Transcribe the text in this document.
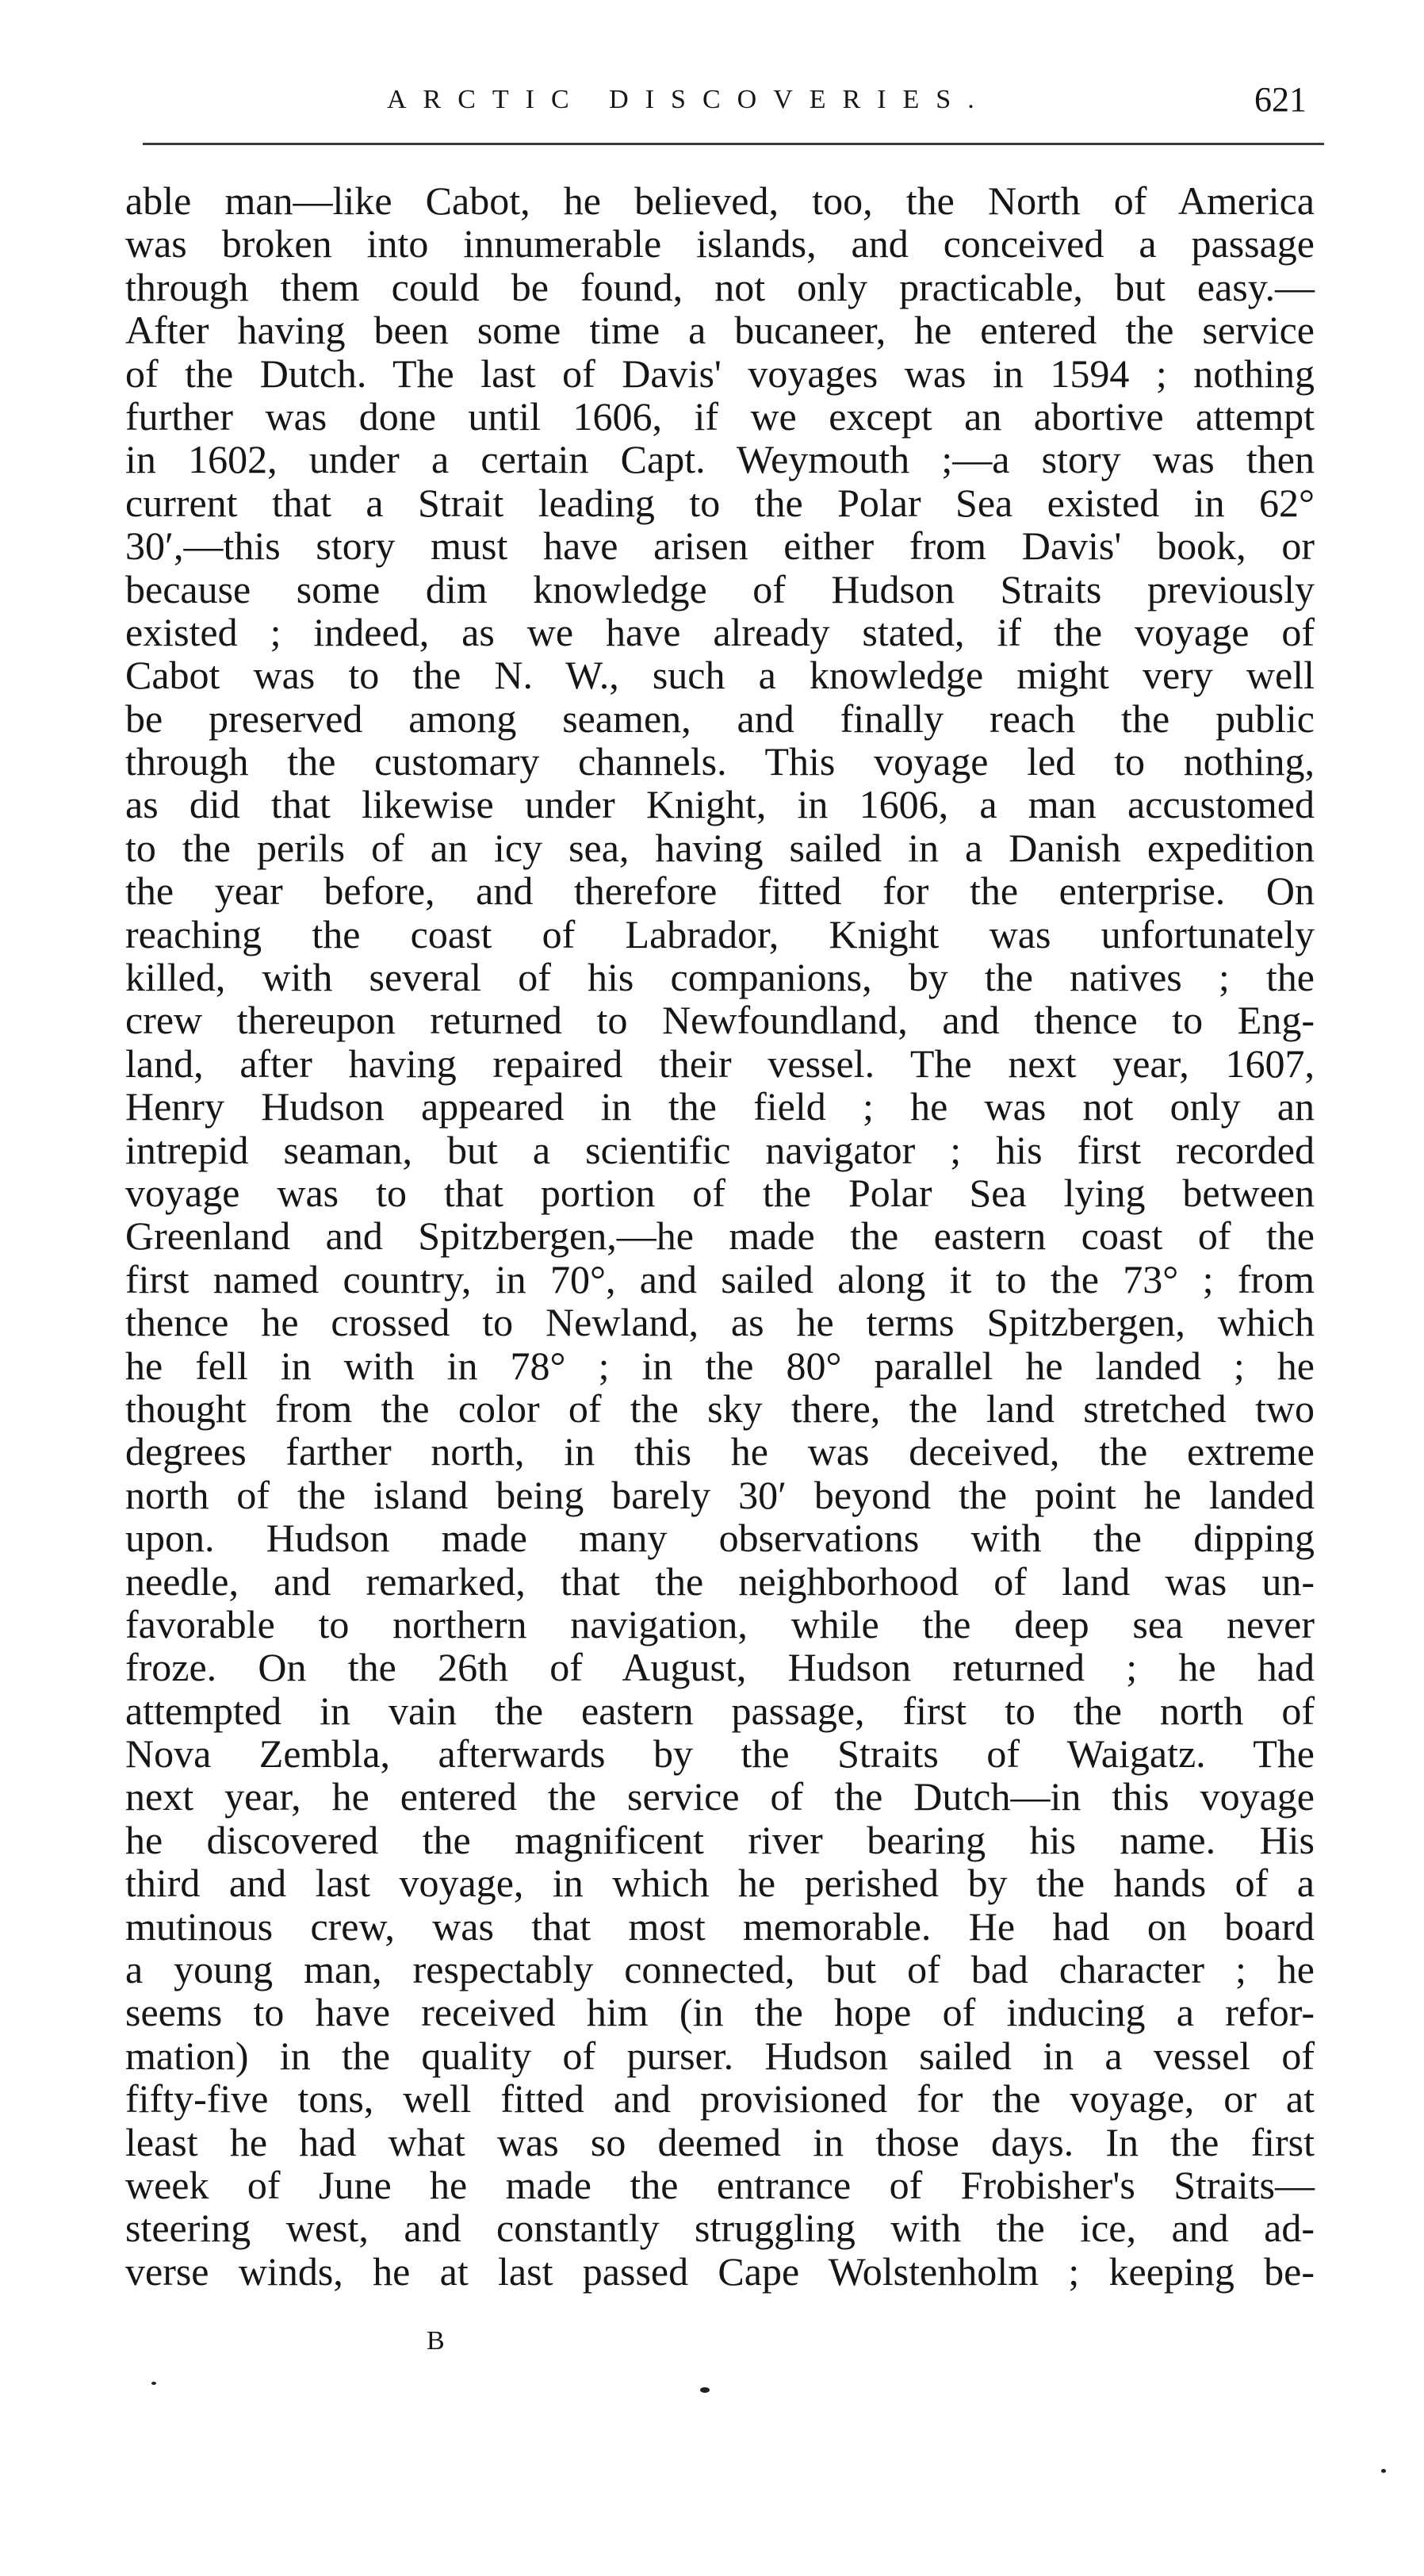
ARCTIC DISCOVERIES.	621
able man—like Cabot, he believed, too, the North of America
was broken into innumerable islands, and conceived a passage
through them could be found, not only practicable, but easy.—
After having been some time a bucaneer, he entered the service
of the Dutch. The last of Davis' voyages was in 1594 ; nothing
further was done until 1606, if we except an abortive attempt
in 1602, under a certain Capt. Weymouth ;—a story was then
current that a Strait leading to the Polar Sea existed in 62°
30′,—this story must have arisen either from Davis' book, or
because some dim knowledge of Hudson Straits previously
existed ; indeed, as we have already stated, if the voyage of
Cabot was to the N. W., such a knowledge might very well
be preserved among seamen, and finally reach the public
through the customary channels. This voyage led to nothing,
as did that likewise under Knight, in 1606, a man accustomed
to the perils of an icy sea, having sailed in a Danish expedition
the year before, and therefore fitted for the enterprise. On
reaching the coast of Labrador, Knight was unfortunately
killed, with several of his companions, by the natives ; the
crew thereupon returned to Newfoundland, and thence to Eng-
land, after having repaired their vessel. The next year, 1607,
Henry Hudson appeared in the field ; he was not only an
intrepid seaman, but a scientific navigator ; his first recorded
voyage was to that portion of the Polar Sea lying between
Greenland and Spitzbergen,—he made the eastern coast of the
first named country, in 70°, and sailed along it to the 73° ; from
thence he crossed to Newland, as he terms Spitzbergen, which
he fell in with in 78° ; in the 80° parallel he landed ; he
thought from the color of the sky there, the land stretched two
degrees farther north, in this he was deceived, the extreme
north of the island being barely 30′ beyond the point he landed
upon. Hudson made many observations with the dipping
needle, and remarked, that the neighborhood of land was un-
favorable to northern navigation, while the deep sea never
froze. On the 26th of August, Hudson returned ; he had
attempted in vain the eastern passage, first to the north of
Nova Zembla, afterwards by the Straits of Waigatz. The
next year, he entered the service of the Dutch—in this voyage
he discovered the magnificent river bearing his name. His
third and last voyage, in which he perished by the hands of a
mutinous crew, was that most memorable. He had on board
a young man, respectably connected, but of bad character ; he
seems to have received him (in the hope of inducing a refor-
mation) in the quality of purser. Hudson sailed in a vessel of
fifty-five tons, well fitted and provisioned for the voyage, or at
least he had what was so deemed in those days. In the first
week of June he made the entrance of Frobisher's Straits—
steering west, and constantly struggling with the ice, and ad-
verse winds, he at last passed Cape Wolstenholm ; keeping be-
B
